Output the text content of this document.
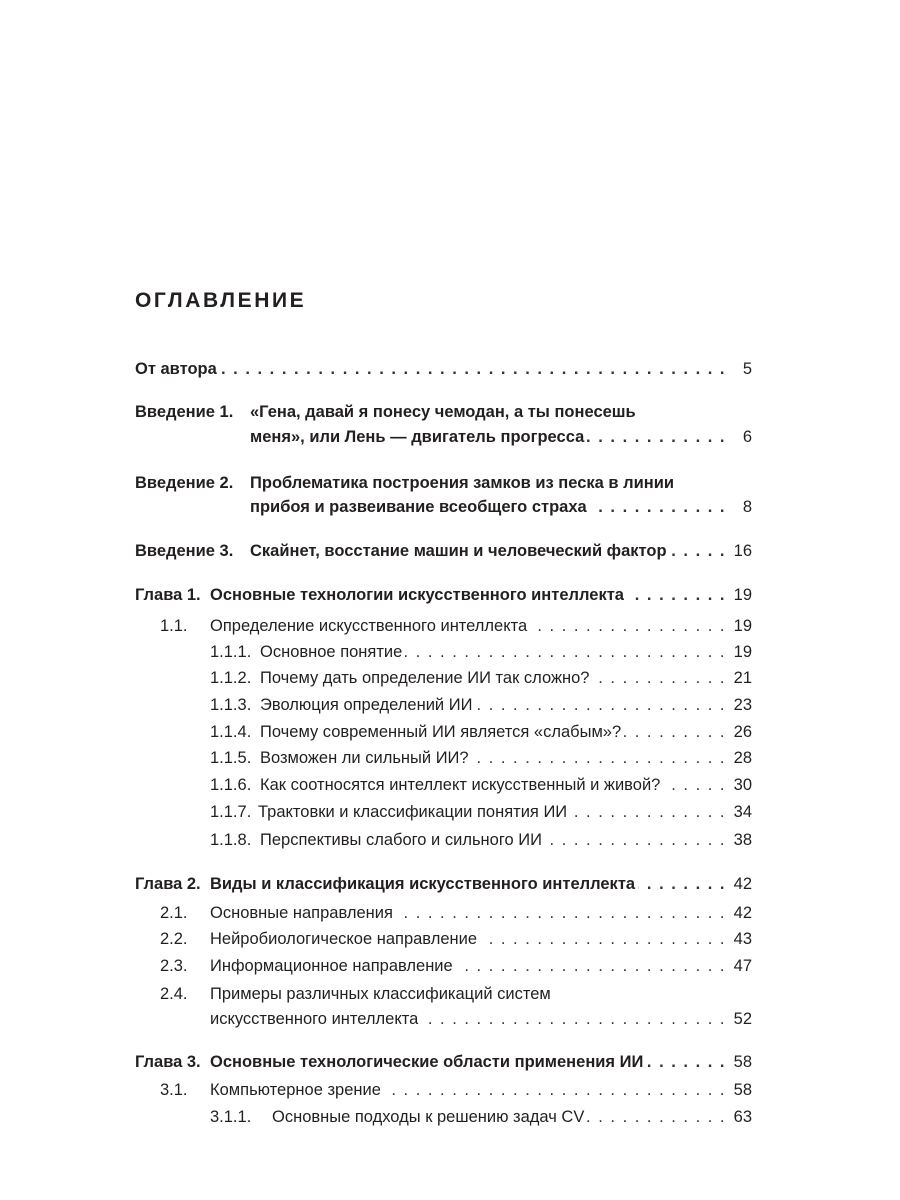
ОГЛАВЛЕНИЕ
От автора . . .	5
Введение 1.	«Гена, давай я понесу чемодан, а ты понесешь
меня», или Лень — двигатель прогресса . . .	6
Введение 2.	Проблематика построения замков из песка в линии
прибоя и развеивание всеобщего страха . . .	8
Введение 3.	Скайнет, восстание машин и человеческий фактор . . .	16
Глава 1. Основные технологии искусственного интеллекта . . .	19
1.1.	Определение искусственного интеллекта . . .	19
1.1.1. Основное понятие . . .	19
1.1.2. Почему дать определение ИИ так сложно? . . .	21
1.1.3. Эволюция определений ИИ . . .	23
1.1.4. Почему современный ИИ является «слабым»? . . .	26
1.1.5. Возможен ли сильный ИИ? . . .	28
1.1.6. Как соотносятся интеллект искусственный и живой? . . .	30
1.1.7. Трактовки и классификации понятия ИИ . . .	34
1.1.8. Перспективы слабого и сильного ИИ . . .	38
Глава 2. Виды и классификация искусственного интеллекта . . .	42
2.1.	Основные направления . . .	42
2.2.	Нейробиологическое направление . . .	43
2.3.	Информационное направление . . .	47
2.4.	Примеры различных классификаций систем
искусственного интеллекта . . .	52
Глава 3. Основные технологические области применения ИИ . . .	58
3.1.	Компьютерное зрение . . .	58
3.1.1.	Основные подходы к решению задач CV . . .	63
